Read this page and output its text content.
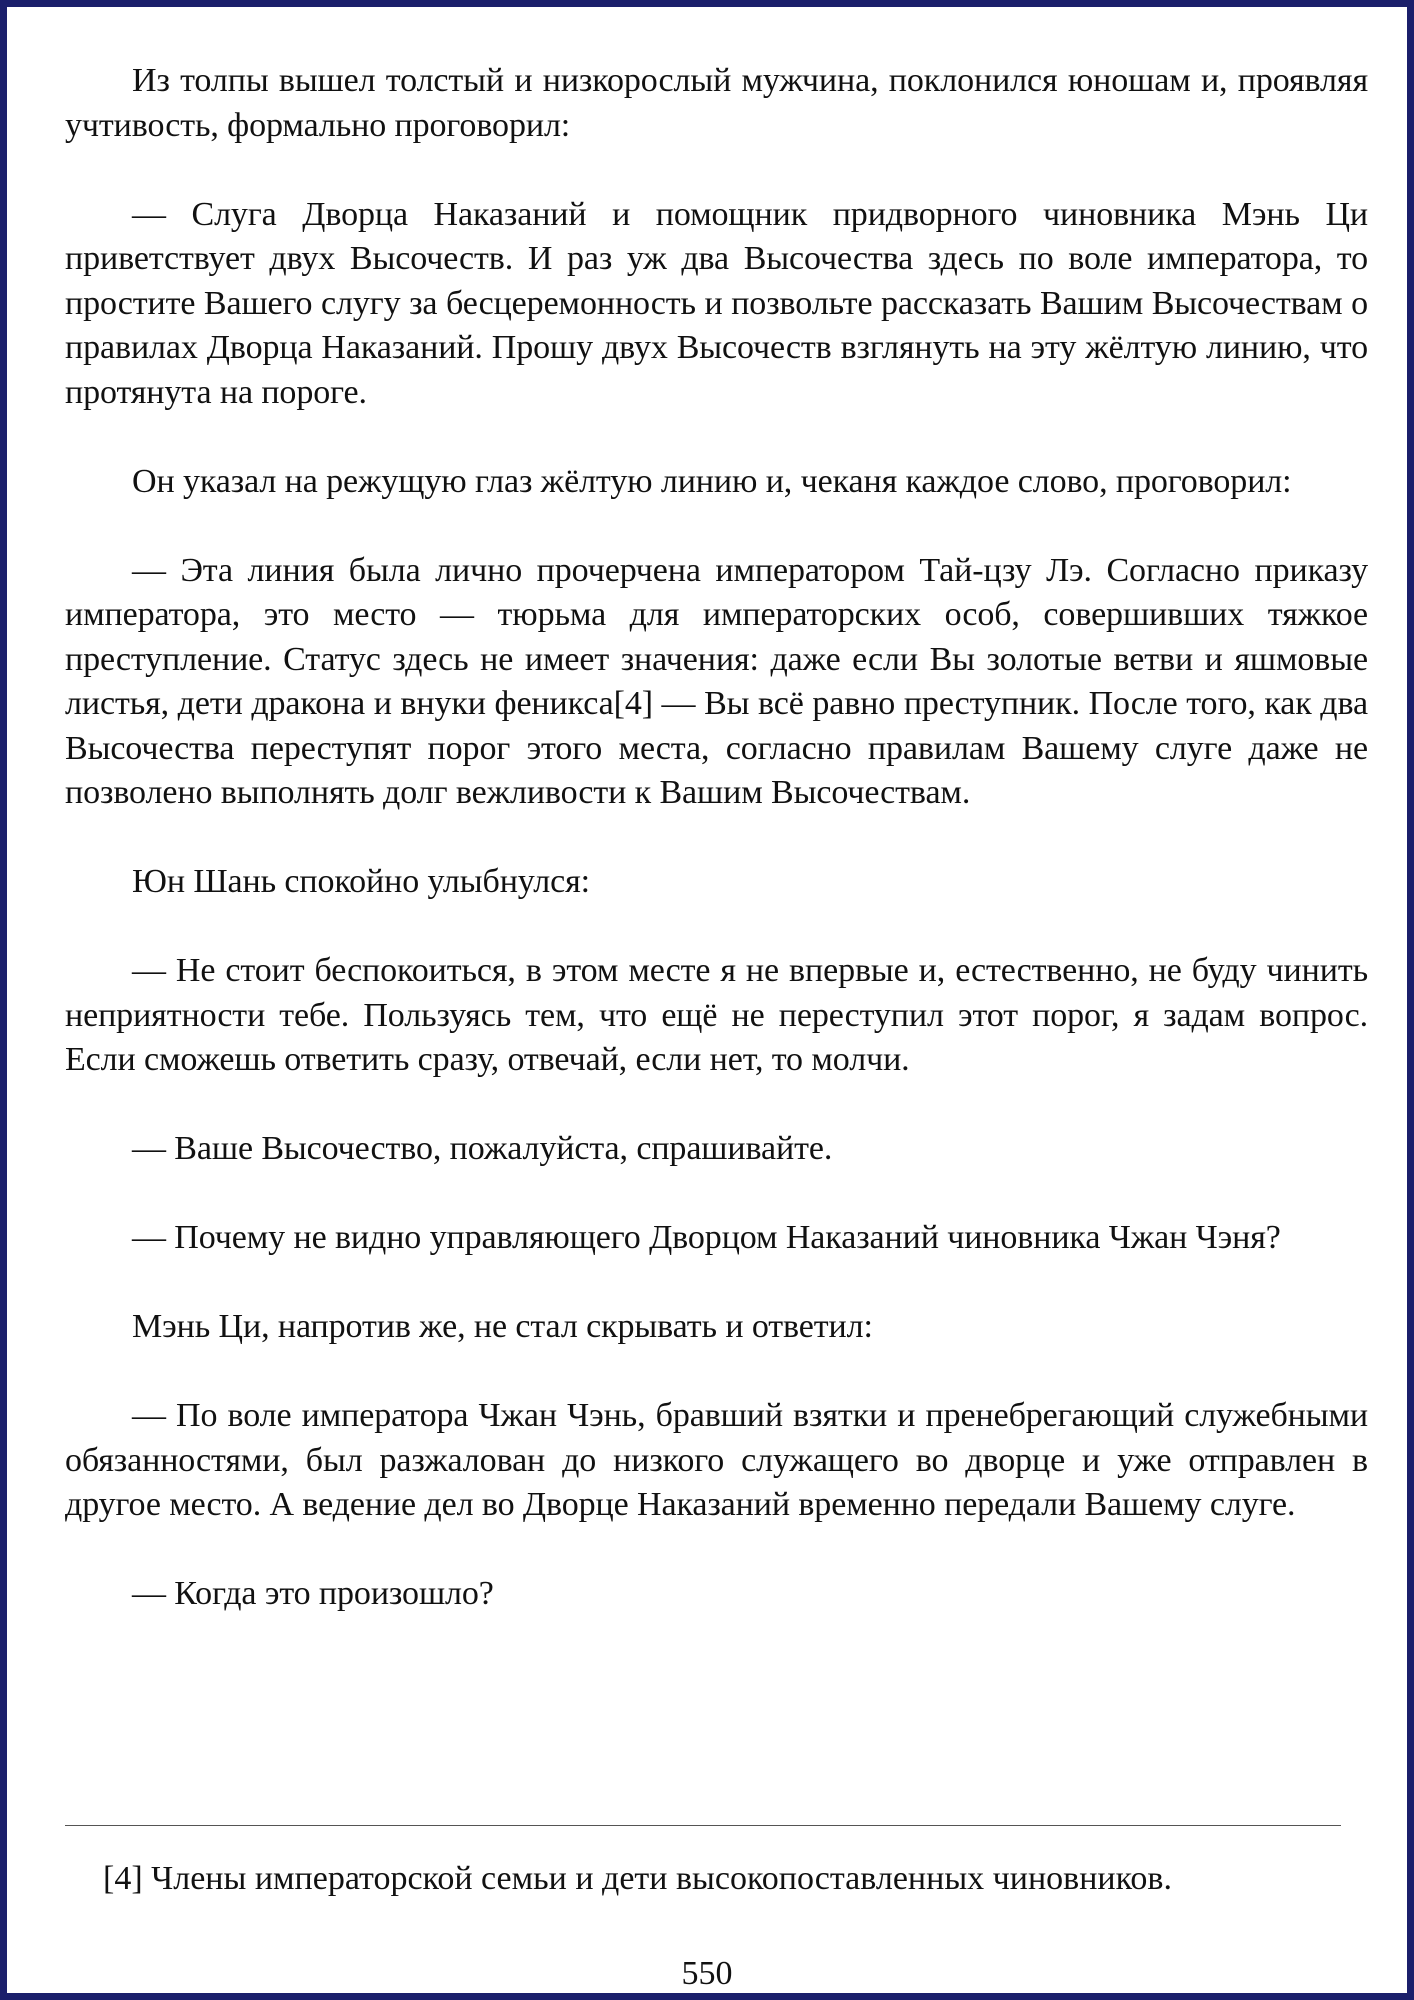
Из толпы вышел толстый и низкорослый мужчина, поклонился юношам и, проявляя учтивость, формально проговорил:

— Слуга Дворца Наказаний и помощник придворного чиновника Мэнь Ци приветствует двух Высочеств. И раз уж два Высочества здесь по воле императора, то простите Вашего слугу за бесцеремонность и позвольте рассказать Вашим Высочествам о правилах Дворца Наказаний. Прошу двух Высочеств взглянуть на эту жёлтую линию, что протянута на пороге.

Он указал на режущую глаз жёлтую линию и, чеканя каждое слово, проговорил:

— Эта линия была лично прочерчена императором Тай-цзу Лэ. Согласно приказу императора, это место — тюрьма для императорских особ, совершивших тяжкое преступление. Статус здесь не имеет значения: даже если Вы золотые ветви и яшмовые листья, дети дракона и внуки феникса[4] — Вы всё равно преступник. После того, как два Высочества переступят порог этого места, согласно правилам Вашему слуге даже не позволено выполнять долг вежливости к Вашим Высочествам.

Юн Шань спокойно улыбнулся:

— Не стоит беспокоиться, в этом месте я не впервые и, естественно, не буду чинить неприятности тебе. Пользуясь тем, что ещё не переступил этот порог, я задам вопрос. Если сможешь ответить сразу, отвечай, если нет, то молчи.

— Ваше Высочество, пожалуйста, спрашивайте.

— Почему не видно управляющего Дворцом Наказаний чиновника Чжан Чэня?

Мэнь Ци, напротив же, не стал скрывать и ответил:

— По воле императора Чжан Чэнь, бравший взятки и пренебрегающий служебными обязанностями, был разжалован до низкого служащего во дворце и уже отправлен в другое место. А ведение дел во Дворце Наказаний временно передали Вашему слуге.

— Когда это произошло?

[4] Члены императорской семьи и дети высокопоставленных чиновников.

550
